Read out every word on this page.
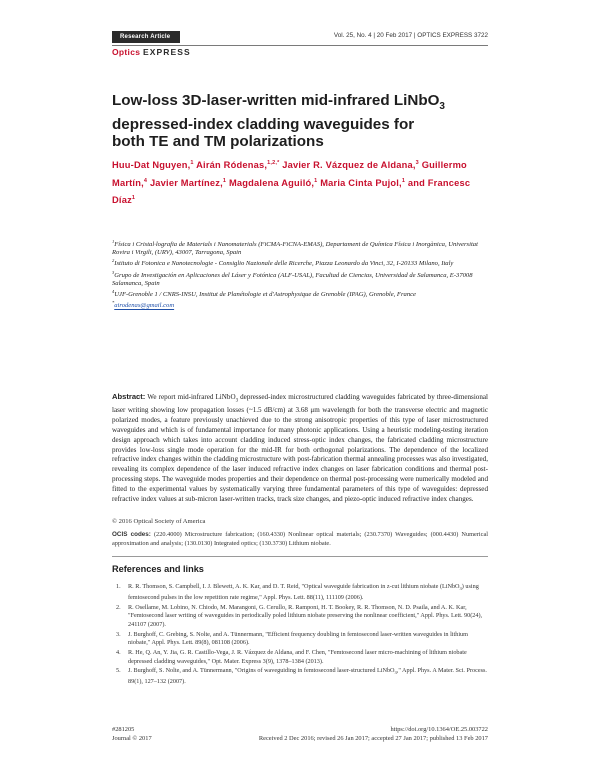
Research Article	Vol. 25, No. 4 | 20 Feb 2017 | OPTICS EXPRESS 3722
Optics EXPRESS
Low-loss 3D-laser-written mid-infrared LiNbO$_3$
depressed-index cladding waveguides for
both TE and TM polarizations
Huu-Dat Nguyen,$^1$ Airán Ródenas,$^{1,2,*}$ Javier R. Vázquez de Aldana,$^3$ Guillermo Martín,$^4$ Javier Martínez,$^1$ Magdalena Aguiló,$^1$ Maria Cinta Pujol,$^1$ and Francesc Díaz$^1$
$^1$Física i Cristal·lografia de Materials i Nanomaterials (FiCMA-FiCNA-EMAS), Departament de Química Física i Inorgànica, Universitat Rovira i Virgili, (URV), 43007, Tarragona, Spain
$^2$Istituto di Fotonica e Nanotecnologie - Consiglio Nazionale delle Ricerche, Piazza Leonardo da Vinci, 32, I-20133 Milano, Italy
$^3$Grupo de Investigación en Aplicaciones del Láser y Fotónica (ALF-USAL), Facultad de Ciencias, Universidad de Salamanca, E-37008 Salamanca, Spain
$^4$UJF-Grenoble 1 / CNRS-INSU, Institut de Planétologie et d'Astrophysique de Grenoble (IPAG), Grenoble, France
*airodenas@gmail.com
Abstract: We report mid-infrared LiNbO$_3$ depressed-index microstructured cladding waveguides fabricated by three-dimensional laser writing showing low propagation losses (~1.5 dB/cm) at 3.68 μm wavelength for both the transverse electric and magnetic polarized modes, a feature previously unachieved due to the strong anisotropic properties of this type of laser microstructured waveguides and which is of fundamental importance for many photonic applications. Using a heuristic modeling-testing iteration design approach which takes into account cladding induced stress-optic index changes, the fabricated cladding microstructure provides low-loss single mode operation for the mid-IR for both orthogonal polarizations. The dependence of the localized refractive index changes within the cladding microstructure with post-fabrication thermal annealing processes was also investigated, revealing its complex dependence of the laser induced refractive index changes on laser fabrication conditions and thermal post-processing steps. The waveguide modes properties and their dependence on thermal post-processing were numerically modeled and fitted to the experimental values by systematically varying three fundamental parameters of this type of waveguides: depressed refractive index values at sub-micron laser-written tracks, track size changes, and piezo-optic induced refractive index changes.
© 2016 Optical Society of America
OCIS codes: (220.4000) Microstructure fabrication; (160.4330) Nonlinear optical materials; (230.7370) Waveguides; (000.4430) Numerical approximation and analysis; (130.0130) Integrated optics; (130.3730) Lithium niobate.
References and links
1. R. R. Thomson, S. Campbell, I. J. Blewett, A. K. Kar, and D. T. Reid, "Optical waveguide fabrication in z-cut lithium niobate (LiNbO$_3$) using femtosecond pulses in the low repetition rate regime," Appl. Phys. Lett. 88(11), 111109 (2006).
2. R. Osellame, M. Lobino, N. Chiodo, M. Marangoni, G. Cerullo, R. Ramponi, H. T. Bookey, R. R. Thomson, N. D. Psaila, and A. K. Kar, "Femtosecond laser writing of waveguides in periodically poled lithium niobate preserving the nonlinear coefficient," Appl. Phys. Lett. 90(24), 241107 (2007).
3. J. Burghoff, C. Grebing, S. Nolte, and A. Tünnermann, "Efficient frequency doubling in femtosecond laser-written waveguides in lithium niobate," Appl. Phys. Lett. 89(8), 081108 (2006).
4. R. He, Q. An, Y. Jia, G. R. Castillo-Vega, J. R. Vázquez de Aldana, and F. Chen, "Femtosecond laser micro-machining of lithium niobate depressed cladding waveguides," Opt. Mater. Express 3(9), 1378–1384 (2013).
5. J. Burghoff, S. Nolte, and A. Tünnermann, "Origins of waveguiding in femtosecond laser-structured LiNbO$_3$," Appl. Phys. A Mater. Sci. Process. 89(1), 127–132 (2007).
#281205
Journal © 2017
https://doi.org/10.1364/OE.25.003722
Received 2 Dec 2016; revised 26 Jan 2017; accepted 27 Jan 2017; published 13 Feb 2017
